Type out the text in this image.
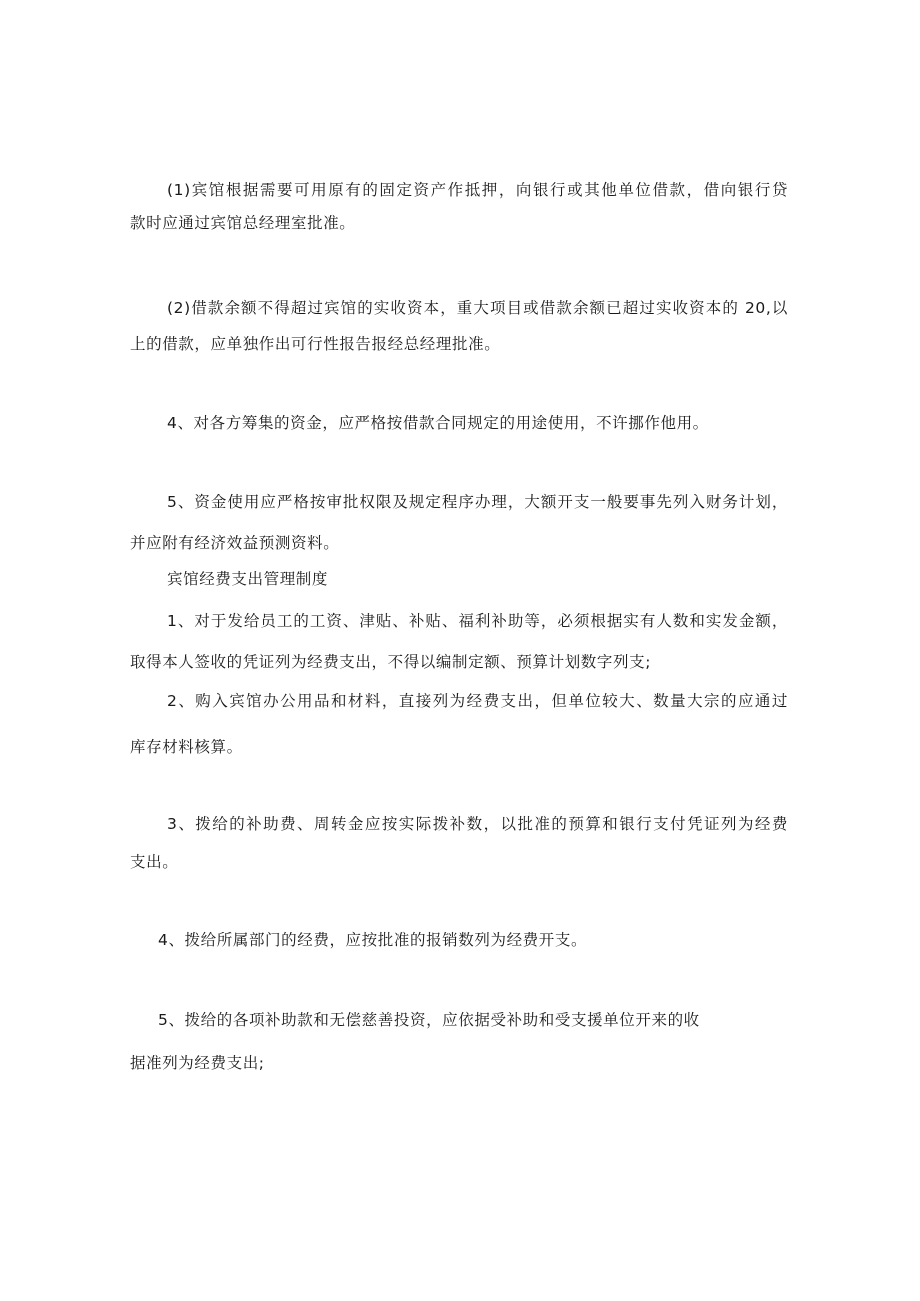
(1)宾馆根据需要可用原有的固定资产作抵押，向银行或其他单位借款，借向银行贷
款时应通过宾馆总经理室批准。
(2)借款余额不得超过宾馆的实收资本，重大项目或借款余额已超过实收资本的 20,以
上的借款，应单独作出可行性报告报经总经理批准。
4、对各方筹集的资金，应严格按借款合同规定的用途使用，不许挪作他用。
5、资金使用应严格按审批权限及规定程序办理，大额开支一般要事先列入财务计划，
并应附有经济效益预测资料。
宾馆经费支出管理制度
1、对于发给员工的工资、津贴、补贴、福利补助等，必须根据实有人数和实发金额，
取得本人签收的凭证列为经费支出，不得以编制定额、预算计划数字列支;
2、购入宾馆办公用品和材料，直接列为经费支出，但单位较大、数量大宗的应通过
库存材料核算。
3、拨给的补助费、周转金应按实际拨补数，以批准的预算和银行支付凭证列为经费
支出。
4、拨给所属部门的经费，应按批准的报销数列为经费开支。
5、拨给的各项补助款和无偿慈善投资，应依据受补助和受支援单位开来的收
据准列为经费支出;
